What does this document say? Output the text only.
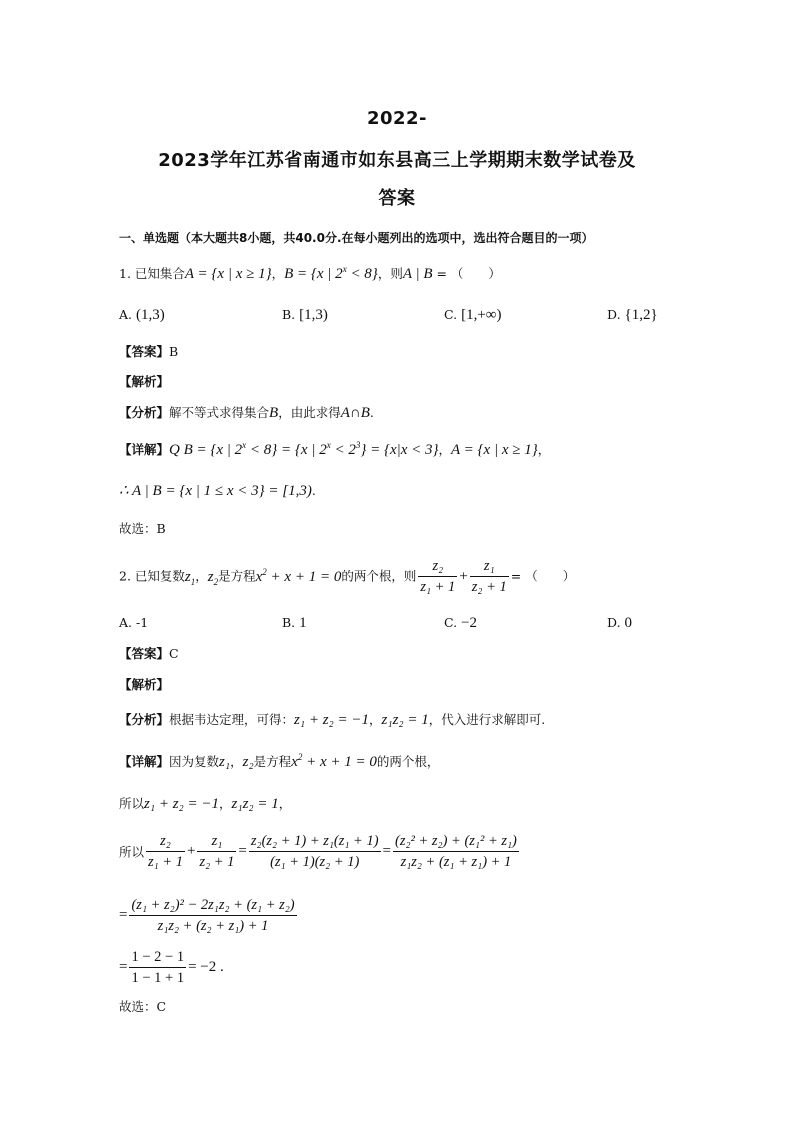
2022-
2023学年江苏省南通市如东县高三上学期期末数学试卷及
答案
一、单选题（本大题共8小题，共40.0分.在每小题列出的选项中，选出符合题目的一项）
1. 已知集合A = {x | x ≥ 1}，B = {x | $2^x < 8$}，则A | B = （　　）
A. (1,3)	B. [1,3)	C. [1,+∞)	D. {1,2}
【答案】B
【解析】
【分析】解不等式求得集合B，由此求得A∩B.
【详解】Q B = {x | $2^x < 8\} = \{x$ | $2^x < 2^3\} = \{x|x < 3\}$，A = {x | x ≥ 1}，
∴ A | B = {x | 1 ≤ x < 3} = [1,3).
故选：B
2. 已知复数$z_1$，$z_2$是方程$x^2 + x + 1 = 0$的两个根，则 $\frac{\text{z₂}}{\text{z₁ + 1}} + \frac{\text{z₁}}{\text{z₂ + 1}}$ = （　　）
A. -1	B. 1	C. −2	D. 0
【答案】C
【解析】
【分析】根据韦达定理，可得：z₁ + z₂ = −1，z₁z₂ = 1，代入进行求解即可.
【详解】因为复数z₁，z₂是方程$x^2 + x + 1 = 0$的两个根，
所以z₁ + z₂ = −1，z₁z₂ = 1，
所以 $\frac{\text{z₂}}{\text{z₁ + 1}} + \frac{\text{z₁}}{\text{z₂ + 1}} = \frac{\text{z₂(z₂ + 1) + z₁(z₁ + 1)}}{\text{(z₁ + 1)(z₂ + 1)}} = \frac{\text{(z₂² + z₂) + (z₁² + z₁)}}{\text{z₁z₂ + (z₁ + z₁) + 1}}$
= $\frac{\text{(z₁ + z₂)² − 2z₁z₂ + (z₁ + z₂)}}{\text{z₁z₂ + (z₂ + z₁) + 1}}$
= $\frac{1 - 2 - 1}{1 - 1 + 1} = -2$ .
故选：C
